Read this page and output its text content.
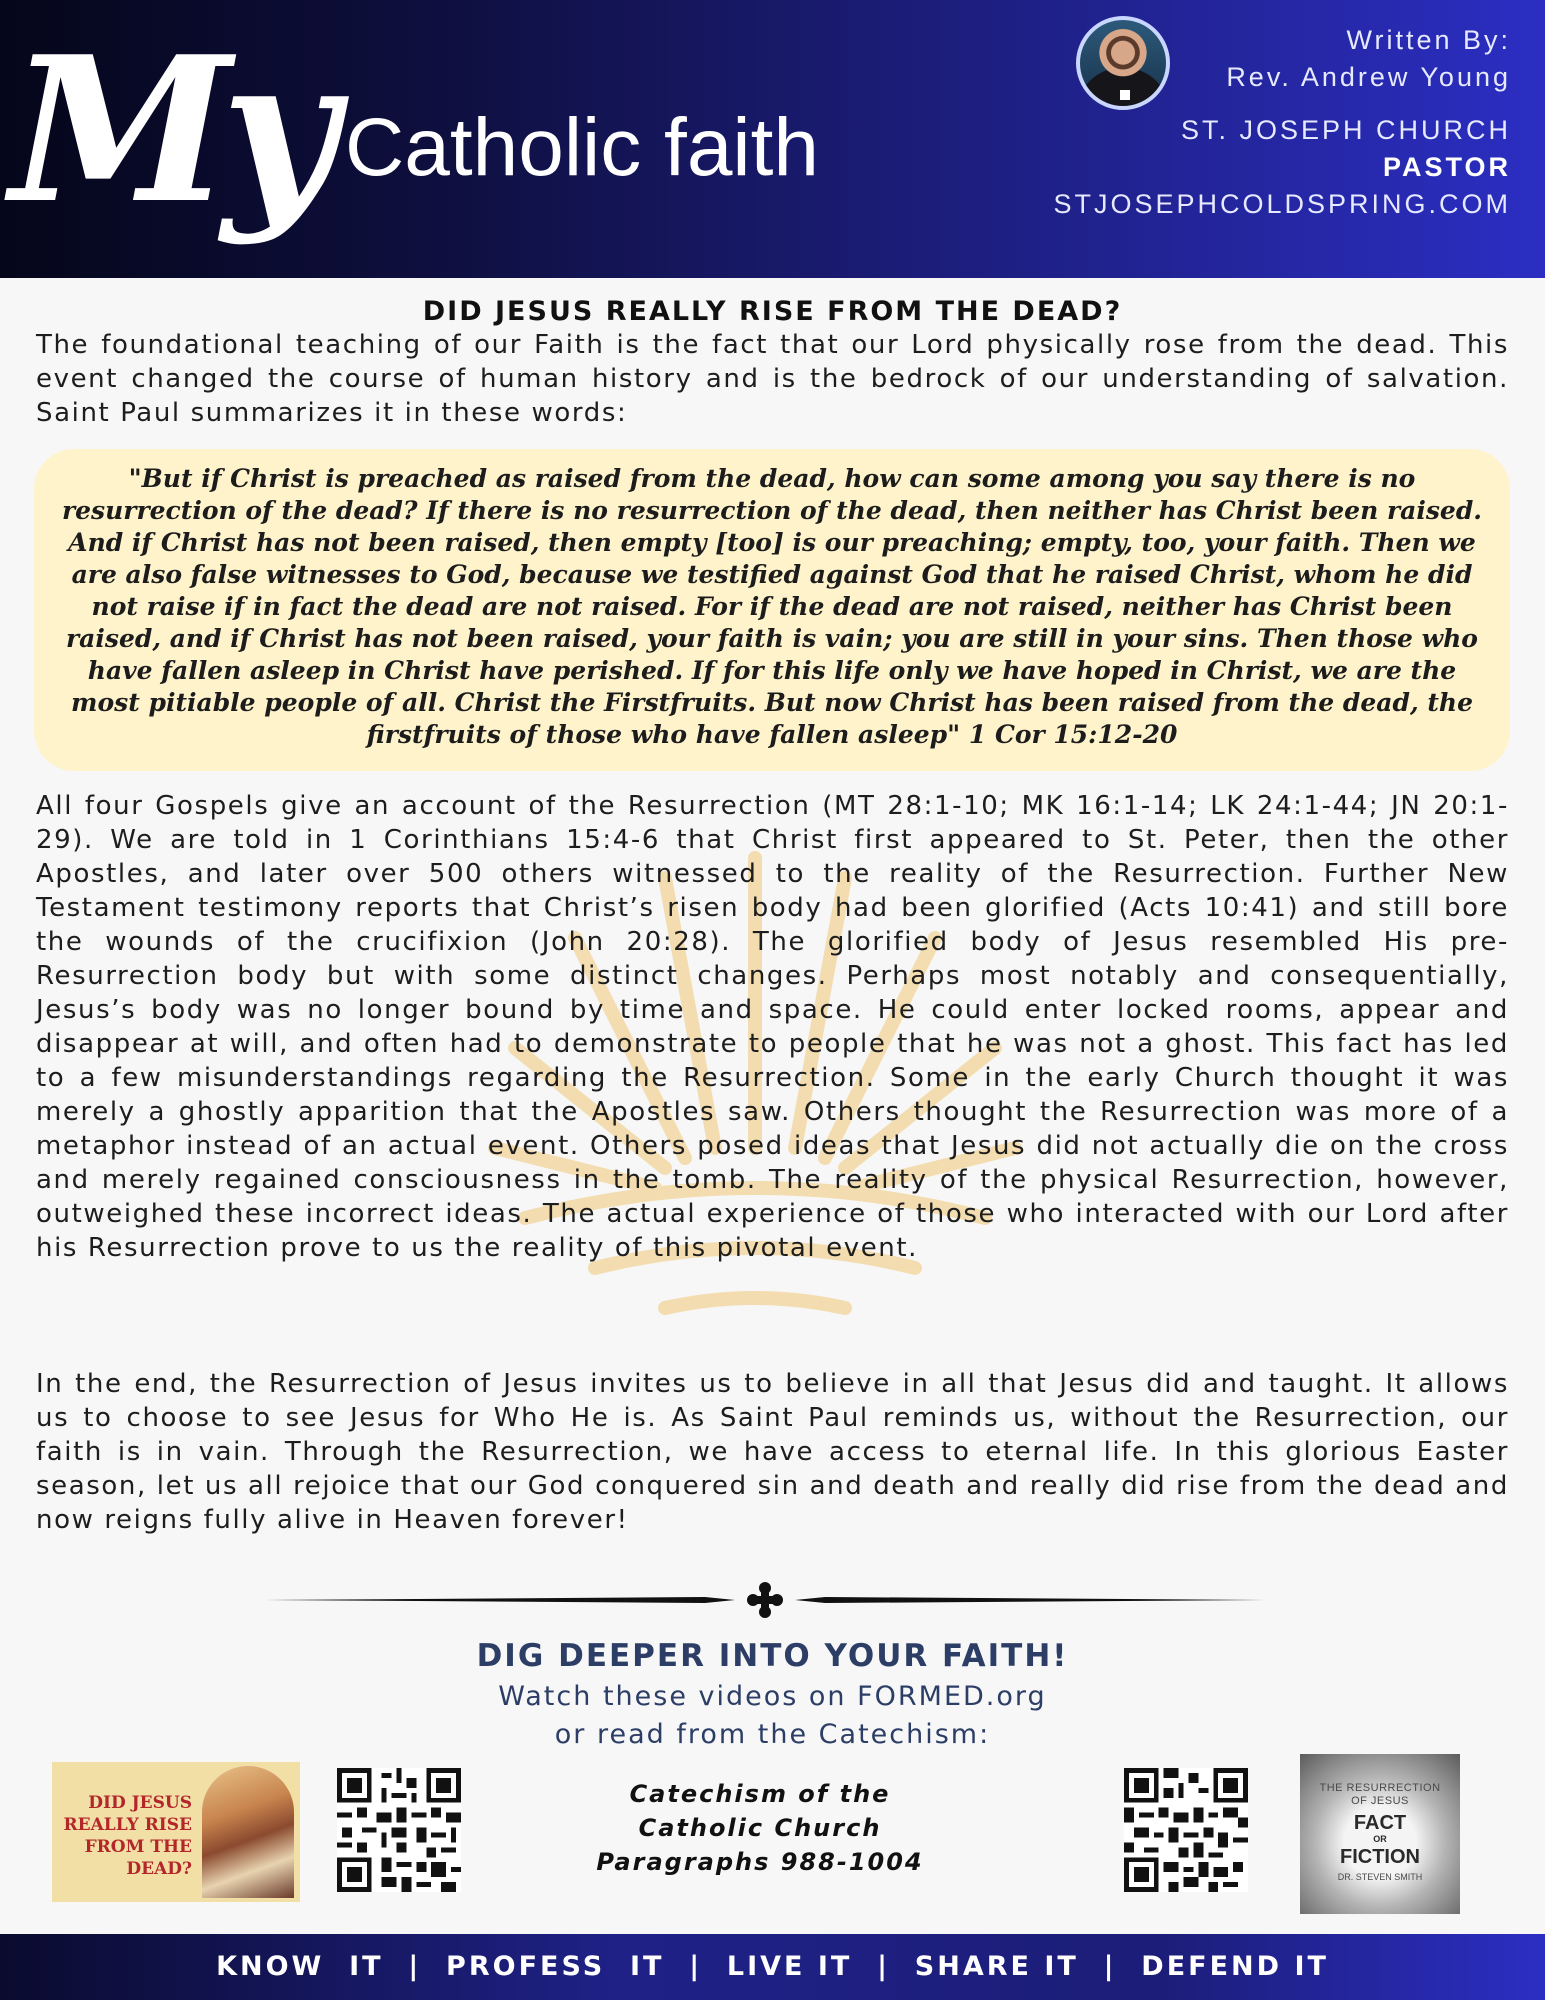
My Catholic faith
Written By:
Rev. Andrew Young
ST. JOSEPH CHURCH
PASTOR
STJOSEPHCOLDSPRING.COM
DID JESUS REALLY RISE FROM THE DEAD?

The foundational teaching of our Faith is the fact that our Lord physically rose from the dead. This event changed the course of human history and is the bedrock of our understanding of salvation. Saint Paul summarizes it in these words:

"But if Christ is preached as raised from the dead, how can some among you say there is no resurrection of the dead? If there is no resurrection of the dead, then neither has Christ been raised. And if Christ has not been raised, then empty [too] is our preaching; empty, too, your faith. Then we are also false witnesses to God, because we testified against God that he raised Christ, whom he did not raise if in fact the dead are not raised. For if the dead are not raised, neither has Christ been raised, and if Christ has not been raised, your faith is vain; you are still in your sins. Then those who have fallen asleep in Christ have perished. If for this life only we have hoped in Christ, we are the most pitiable people of all. Christ the Firstfruits. But now Christ has been raised from the dead, the firstfruits of those who have fallen asleep" 1 Cor 15:12-20

All four Gospels give an account of the Resurrection (MT 28:1-10; MK 16:1-14; LK 24:1-44; JN 20:1-29). We are told in 1 Corinthians 15:4-6 that Christ first appeared to St. Peter, then the other Apostles, and later over 500 others witnessed to the reality of the Resurrection. Further New Testament testimony reports that Christ’s risen body had been glorified (Acts 10:41) and still bore the wounds of the crucifixion (John 20:28). The glorified body of Jesus resembled His pre-Resurrection body but with some distinct changes. Perhaps most notably and consequentially, Jesus’s body was no longer bound by time and space. He could enter locked rooms, appear and disappear at will, and often had to demonstrate to people that he was not a ghost. This fact has led to a few misunderstandings regarding the Resurrection. Some in the early Church thought it was merely a ghostly apparition that the Apostles saw. Others thought the Resurrection was more of a metaphor instead of an actual event. Others posed ideas that Jesus did not actually die on the cross and merely regained consciousness in the tomb. The reality of the physical Resurrection, however, outweighed these incorrect ideas. The actual experience of those who interacted with our Lord after his Resurrection prove to us the reality of this pivotal event.

In the end, the Resurrection of Jesus invites us to believe in all that Jesus did and taught. It allows us to choose to see Jesus for Who He is. As Saint Paul reminds us, without the Resurrection, our faith is in vain. Through the Resurrection, we have access to eternal life. In this glorious Easter season, let us all rejoice that our God conquered sin and death and really did rise from the dead and now reigns fully alive in Heaven forever!

DIG DEEPER INTO YOUR FAITH!
Watch these videos on FORMED.org
or read from the Catechism:
DID JESUS
REALLY RISE
FROM THE
DEAD?
Catechism of the
Catholic Church
Paragraphs 988-1004
THE RESURRECTION
OF JESUS
FACT
OR
FICTION
DR. STEVEN SMITH
KNOW  IT  |  PROFESS  IT  |  LIVE IT  |  SHARE IT  |  DEFEND IT
